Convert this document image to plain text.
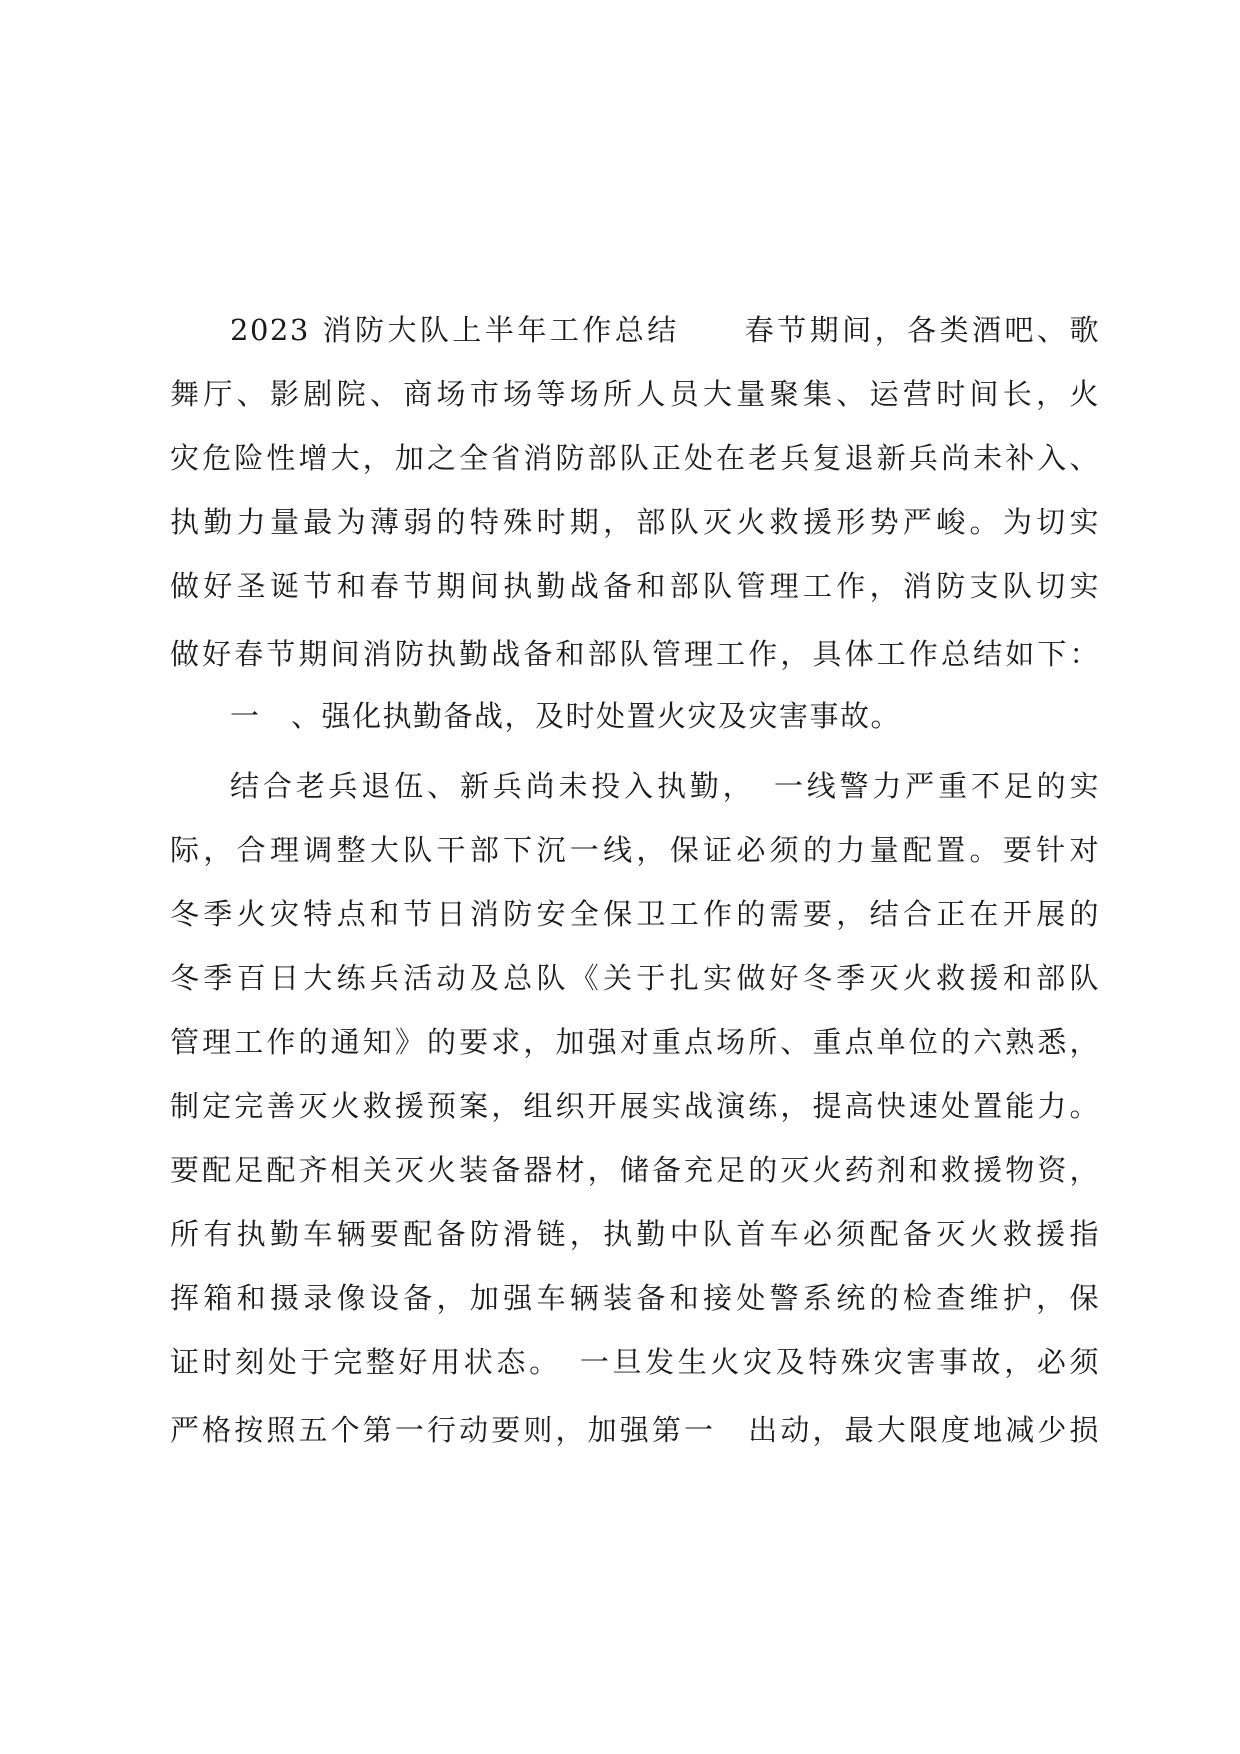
2023 消防大队上半年工作总结　　春节期间，各类酒吧、歌

舞厅、影剧院、商场市场等场所人员大量聚集、运营时间长，火

灾危险性增大，加之全省消防部队正处在老兵复退新兵尚未补入、

执勤力量最为薄弱的特殊时期，部队灭火救援形势严峻。为切实

做好圣诞节和春节期间执勤战备和部队管理工作，消防支队切实

做好春节期间消防执勤战备和部队管理工作，具体工作总结如下：

一　、强化执勤备战，及时处置火灾及灾害事故。

结合老兵退伍、新兵尚未投入执勤，　一线警力严重不足的实

际，合理调整大队干部下沉一线，保证必须的力量配置。要针对

冬季火灾特点和节日消防安全保卫工作的需要，结合正在开展的

冬季百日大练兵活动及总队《关于扎实做好冬季灭火救援和部队

管理工作的通知》的要求，加强对重点场所、重点单位的六熟悉，

制定完善灭火救援预案，组织开展实战演练，提高快速处置能力。

要配足配齐相关灭火装备器材，储备充足的灭火药剂和救援物资，

所有执勤车辆要配备防滑链，执勤中队首车必须配备灭火救援指

挥箱和摄录像设备，加强车辆装备和接处警系统的检查维护，保

证时刻处于完整好用状态。　一旦发生火灾及特殊灾害事故，必须

严格按照五个第一行动要则，加强第一　出动，最大限度地减少损
